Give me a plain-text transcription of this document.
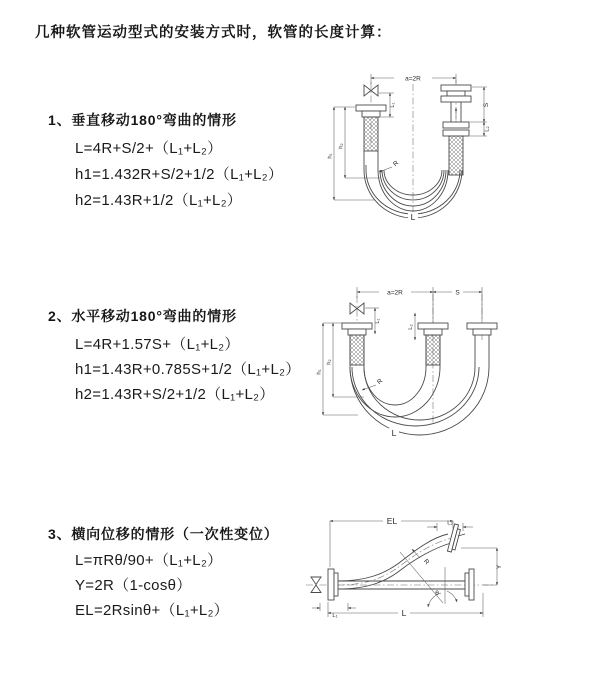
几种软管运动型式的安装方式时，软管的长度计算：
1、垂直移动180°弯曲的情形
L=4R+S/2+（L₁+L₂）
h1=1.432R+S/2+1/2（L₁+L₂）
h2=1.43R+1/2（L₁+L₂）
2、水平移动180°弯曲的情形
L=4R+1.57S+（L₁+L₂）
h1=1.43R+0.785S+1/2（L₁+L₂）
h2=1.43R+S/2+1/2（L₁+L₂）
3、横向位移的情形（一次性变位）
L=πRθ/90+（L₁+L₂）
Y=2R（1-cosθ）
EL=2Rsinθ+（L₁+L₂）
a=2R
R
h₁
h₂
L₁	S
L₂
L
a=2R	S
R
h₁
h₂
L₁
L₂
L
θ
R
EL	L₂
Y
L₁	L
